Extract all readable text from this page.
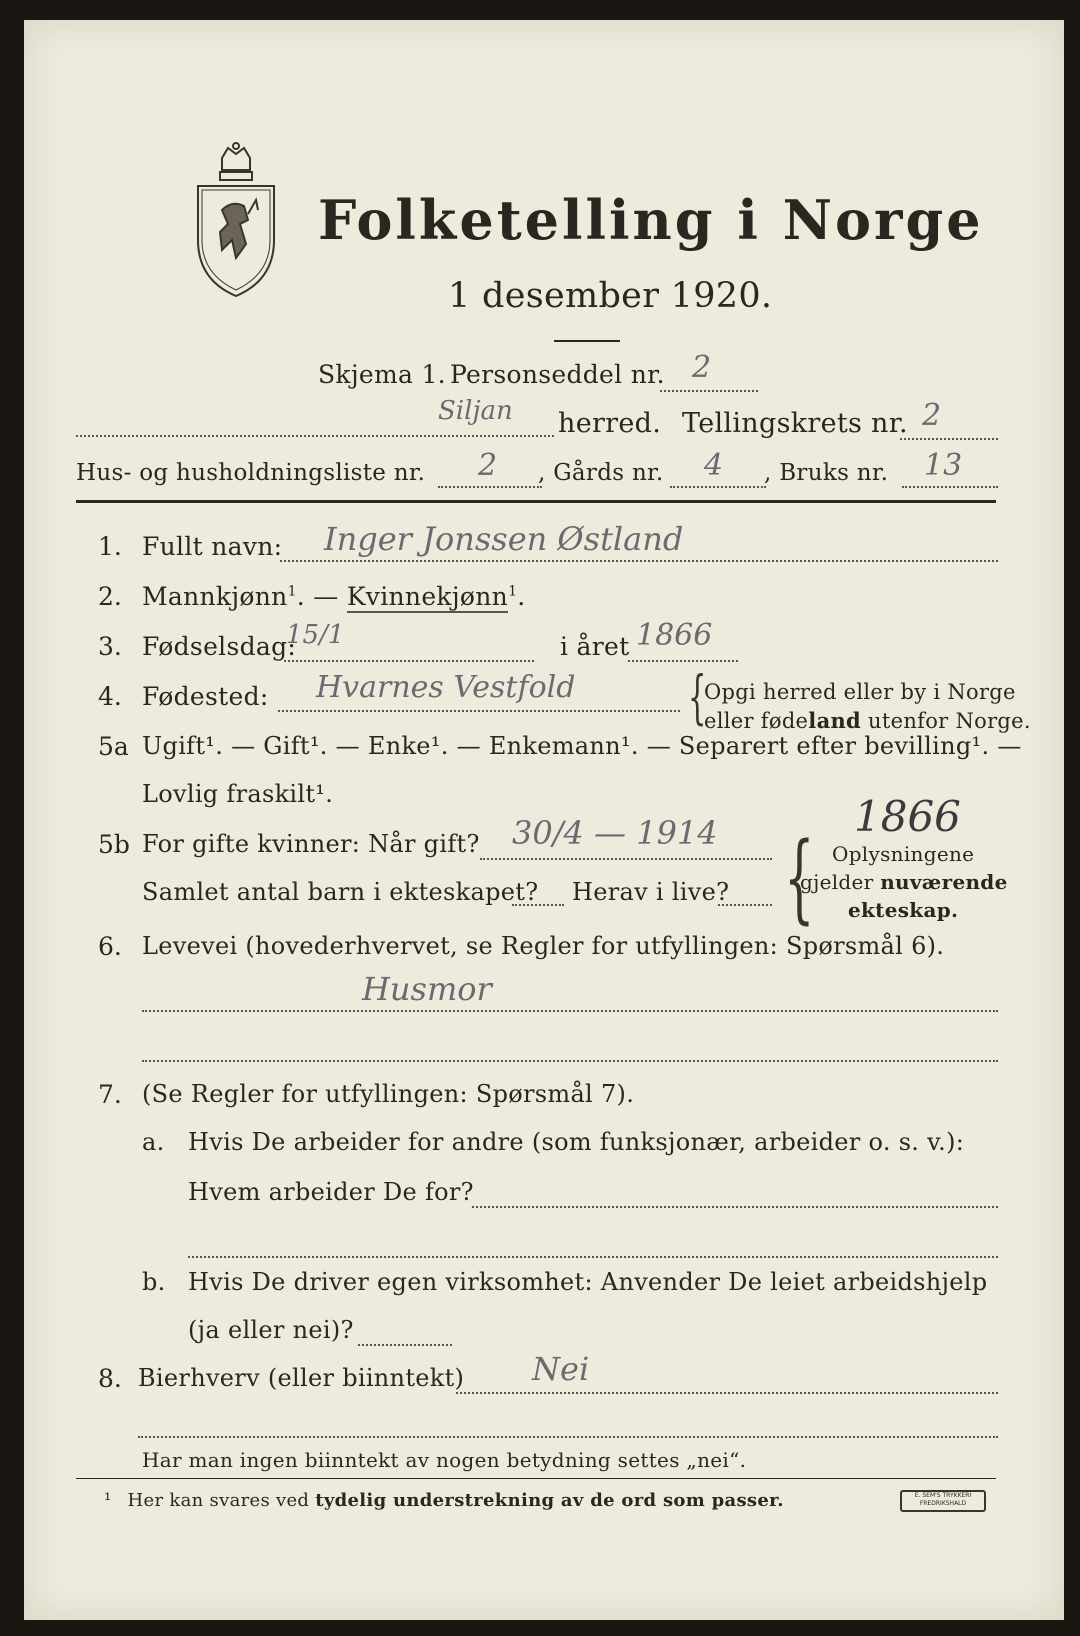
Folketelling i Norge
1 desember 1920.
Skjema 1. Personseddel nr. 2
Siljan herred. Tellingskrets nr. 2
Hus- og husholdningsliste nr. 2 , Gårds nr. 4 , Bruks nr. 13
1. Fullt navn: Inger Jonssen Østland
2. Mannkjønn$^1$. — Kvinnekjønn$^1$.
3. Fødselsdag:
15/1	i året 1866
4. Fødested: Hvarnes Vestfold {
Opgi herred eller by i Norge
eller fødeland utenfor Norge.
5a Ugift¹. — Gift¹. — Enke¹. — Enkemann¹. — Separert efter bevilling¹. —
Lovlig fraskilt¹.	1866
5b For gifte kvinner: Når gift? 30/4 — 1914
Samlet antal barn i ekteskapet? Herav i live? { Oplysningene
gjelder nuværende
ekteskap.
6. Levevei (hovederhvervet, se Regler for utfyllingen: Spørsmål 6).
Husmor
7. (Se Regler for utfyllingen: Spørsmål 7).
a. Hvis De arbeider for andre (som funksjonær, arbeider o. s. v.):
Hvem arbeider De for?
b. Hvis De driver egen virksomhet: Anvender De leiet arbeidshjelp
(ja eller nei)?
8. Bierhverv (eller biinntekt) Nei
Har man ingen biinntekt av nogen betydning settes „nei“.
¹ Her kan svares ved tydelig understrekning av de ord som passer.	E. SEM'S TRYKKERI FREDRIKSHALD
